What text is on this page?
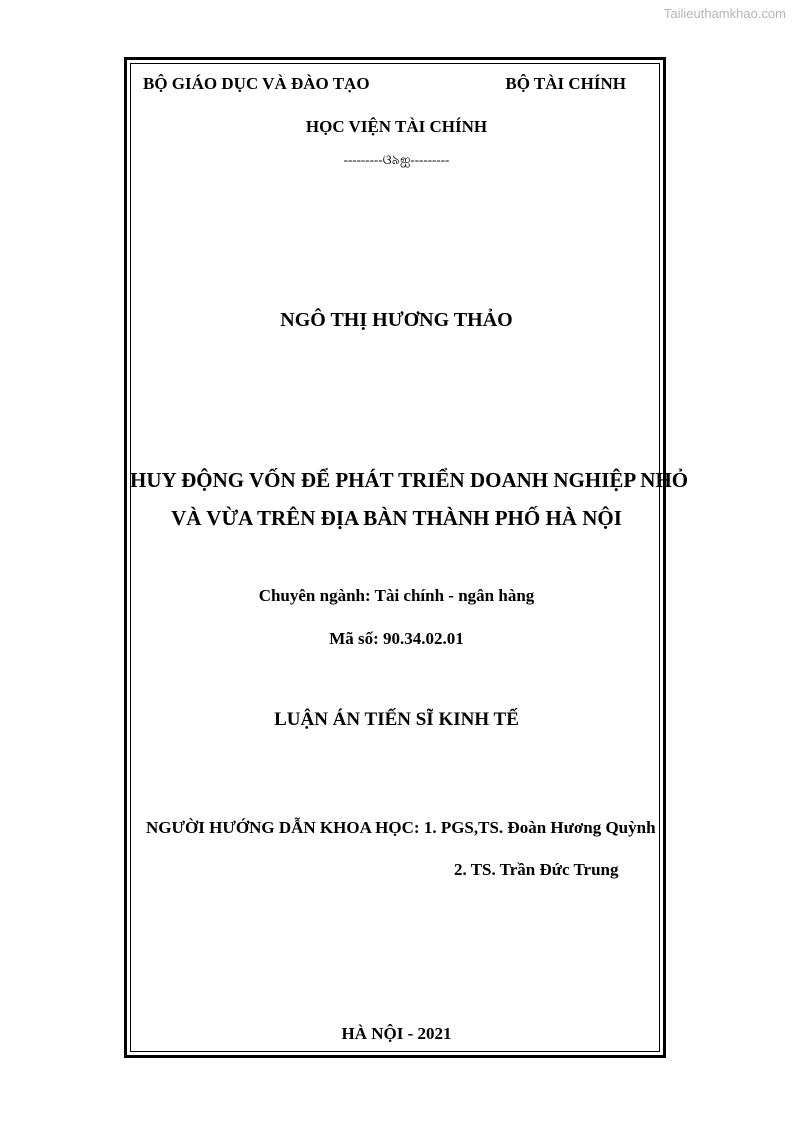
Tailieuthamkhao.com
BỘ GIÁO DỤC VÀ ĐÀO TẠO	BỘ TÀI CHÍNH
HỌC VIỆN TÀI CHÍNH
---------ଓ৯ஐ---------
NGÔ THỊ HƯƠNG THẢO
HUY ĐỘNG VỐN ĐỂ PHÁT TRIỂN DOANH NGHIỆP NHỎ
VÀ VỪA TRÊN ĐỊA BÀN THÀNH PHỐ HÀ NỘI
Chuyên ngành: Tài chính - ngân hàng
Mã số: 90.34.02.01
LUẬN ÁN TIẾN SĨ KINH TẾ
NGƯỜI HƯỚNG DẪN KHOA HỌC: 1. PGS,TS. Đoàn Hương Quỳnh
2. TS. Trần Đức Trung
HÀ NỘI - 2021
